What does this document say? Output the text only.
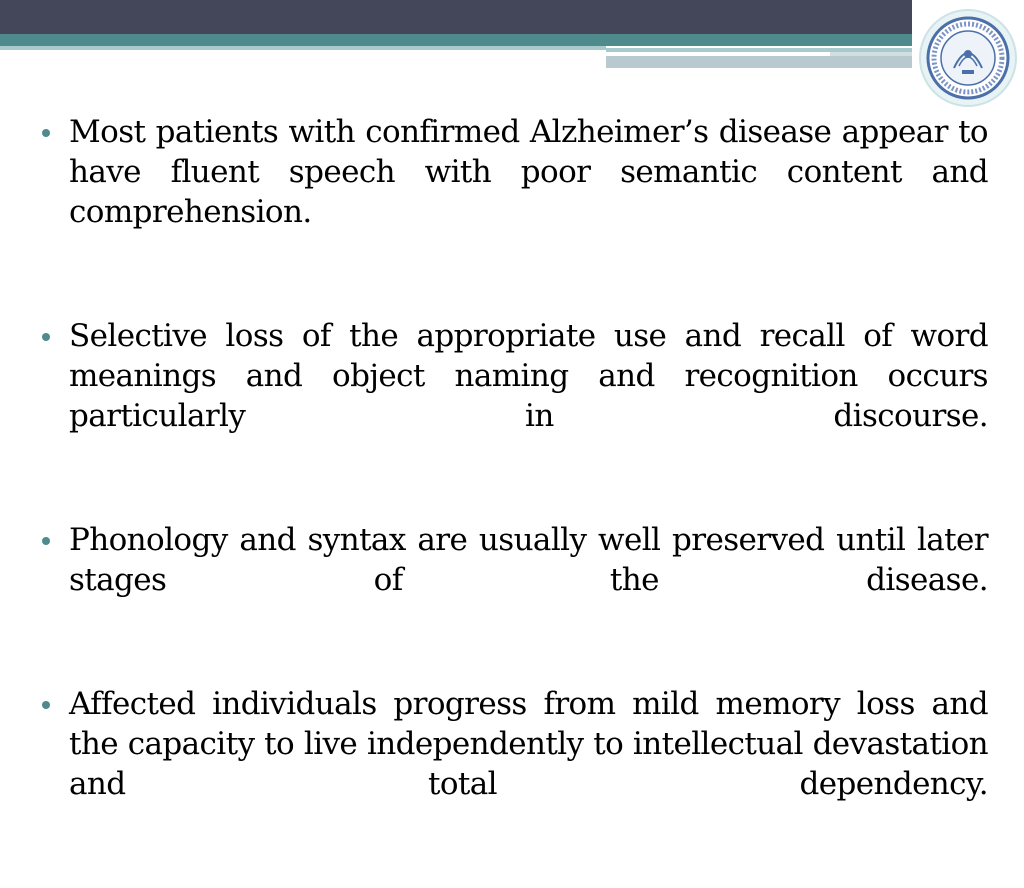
Most patients with confirmed Alzheimer’s disease appear to have fluent speech with poor semantic content and comprehension.
Selective loss of the appropriate use and recall of word meanings and object naming and recognition occurs particularly in discourse.
Phonology and syntax are usually well preserved until later stages of the disease.
Affected individuals progress from mild memory loss and the capacity to live independently to intellectual devastation and total dependency.
